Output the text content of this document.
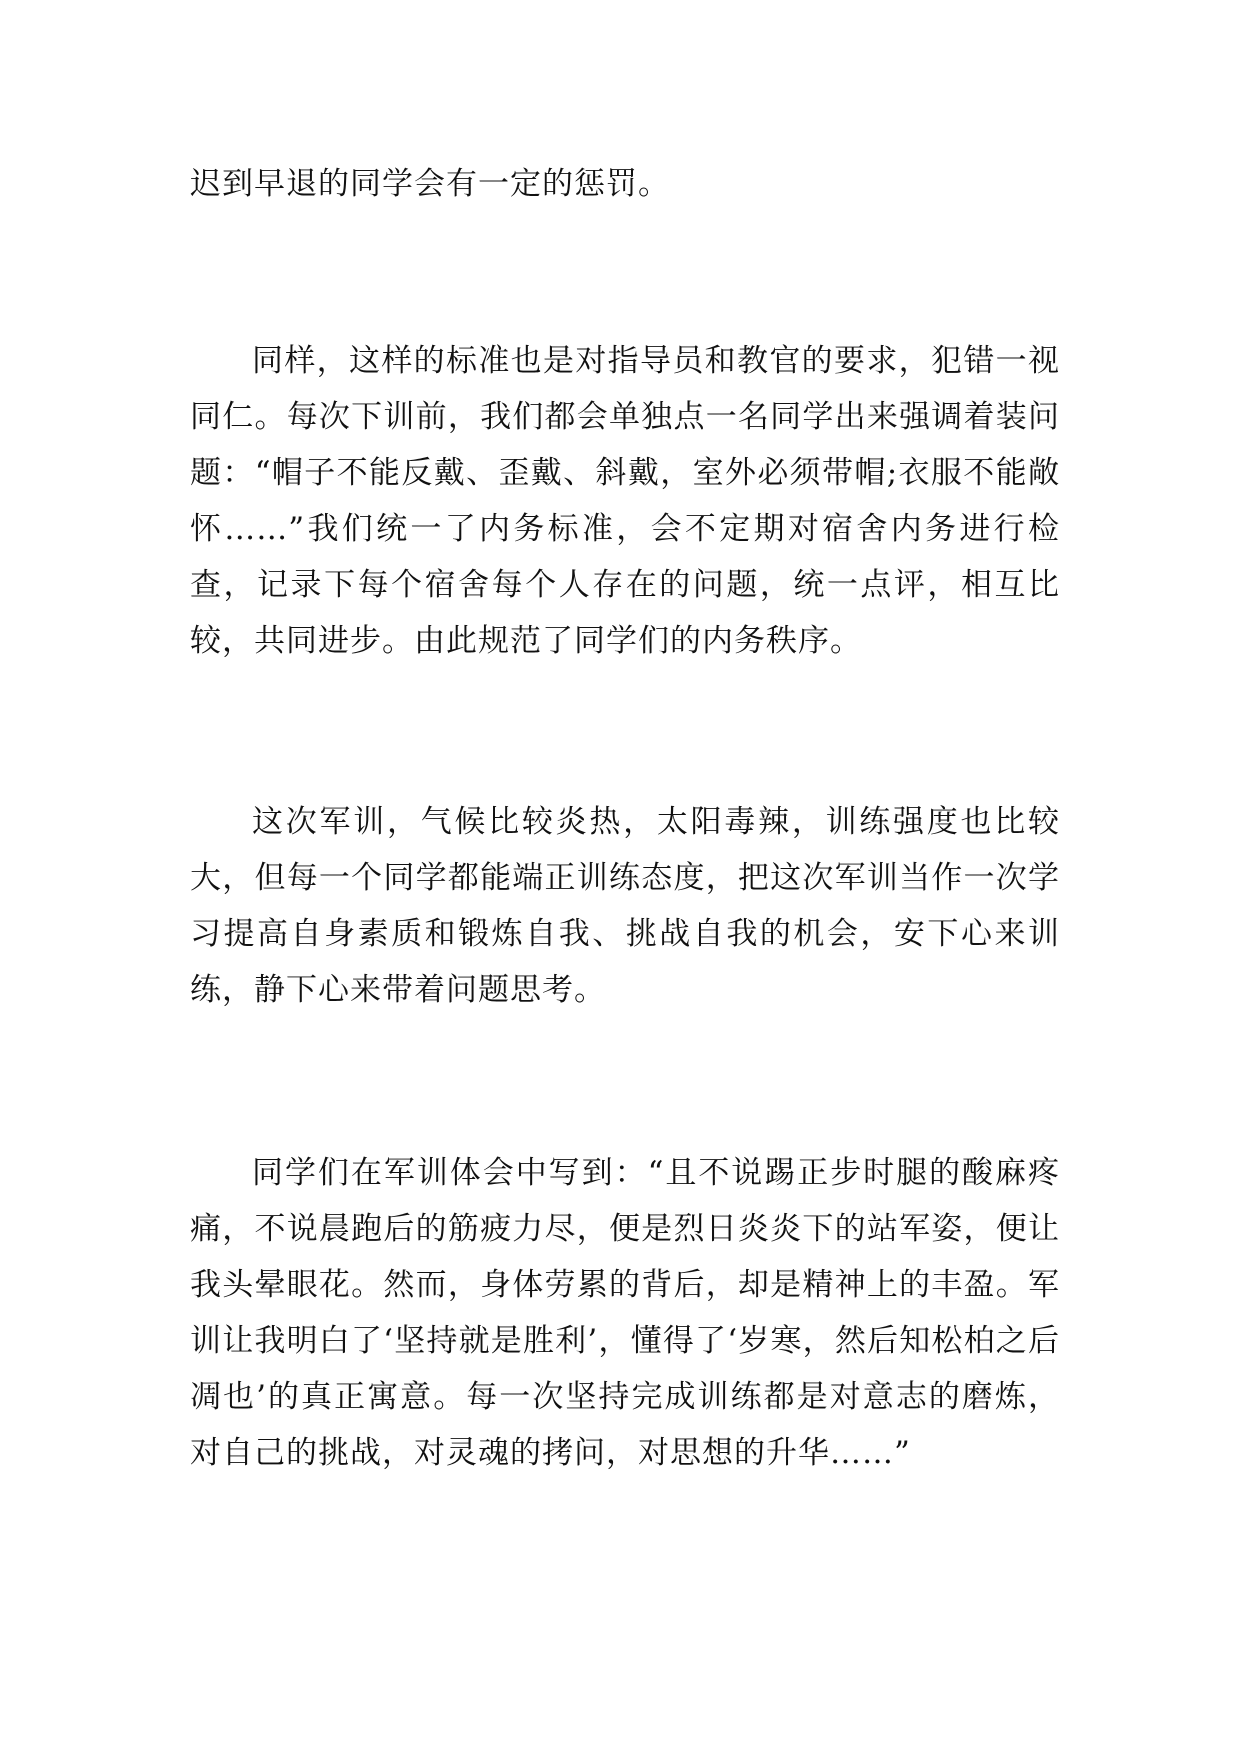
迟到早退的同学会有一定的惩罚。

同样，这样的标准也是对指导员和教官的要求，犯错一视同仁。每次下训前，我们都会单独点一名同学出来强调着装问题：“帽子不能反戴、歪戴、斜戴，室外必须带帽;衣服不能敞怀……”我们统一了内务标准，会不定期对宿舍内务进行检查，记录下每个宿舍每个人存在的问题，统一点评，相互比较，共同进步。由此规范了同学们的内务秩序。

这次军训，气候比较炎热，太阳毒辣，训练强度也比较大，但每一个同学都能端正训练态度，把这次军训当作一次学习提高自身素质和锻炼自我、挑战自我的机会，安下心来训练，静下心来带着问题思考。

同学们在军训体会中写到：“且不说踢正步时腿的酸麻疼痛，不说晨跑后的筋疲力尽，便是烈日炎炎下的站军姿，便让我头晕眼花。然而，身体劳累的背后，却是精神上的丰盈。军训让我明白了‘坚持就是胜利’，懂得了‘岁寒，然后知松柏之后凋也’的真正寓意。每一次坚持完成训练都是对意志的磨炼，对自己的挑战，对灵魂的拷问，对思想的升华……”
